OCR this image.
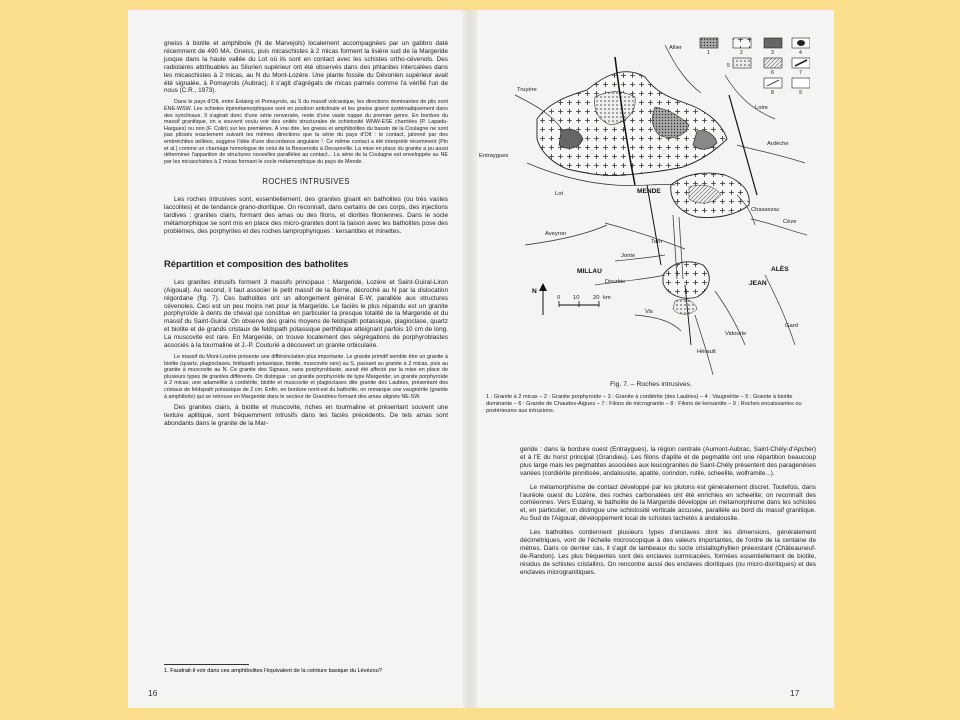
gneiss à biotite et amphibole (N de Marvejols) localement accompagnées par un gabbro daté récemment de 490 MA. Gneiss, puis micaschistes à 2 micas forment la lisière sud de la Margeride jusque dans la haute vallée du Lot où ils sont en contact avec les schistes ortho-cévenols. Des radiolaires attribuables au Silurien supérieur ont été observés dans des phtanites intercalées dans les micaschistes à 2 micas, au N du Mont-Lozère. Une plante fossile du Dévonien supérieur avait été signalée, à Pomayrols (Aubrac); il s'agit d'agrégats de micas palmés comme l'a vérifié l'un de nous (C.R., 1973).

Dans le pays d'Olt, entre Estaing et Pomayrols, au S du massif volcanique, les directions dominantes de plis sont ÉNE-WSW. Les schistes épimétamorphiques sont en position anticlinale et les gneiss gisent systématiquement dans des synclinaux. Il s'agirait donc d'une série renversée, reste d'une vaste nappe du premier genre. En bordure du massif granitique, on a souvent voulu voir des unités structurales de schistosité WNW-ESE charriées (P. Lapadu-Hargues) ou non (F. Colin) sur les premières. À vrai dire, les gneiss et amphibolites du bassin de la Coulagne ne sont pas plissés exactement suivant les mêmes directions que la série du pays d'Olt : le contact, jalonné par des embréchites œillées, suggère l'idée d'une discordance angulaire ¹. Ce même contact a été interprété récemment (Pin et al.) comme un charriage homologue de celui de la Bessenoits à Decazeville. La mise en place du granite a pu aussi déterminer l'apparition de structures nouvelles parallèles au contact... La série de la Coulagne est enveloppée au NE par les micaschistes à 2 micas formant le socle métamorphique du pays de Mende.

ROCHES INTRUSIVES

Les roches intrusives sont, essentiellement, des granites gisant en batholites (ou très vastes laccolites) et de tendance grano-dioritique. On reconnaît, dans certains de ces corps, des injections tardives : granites clairs, formant des amas ou des filons, et diorites filoniennes. Dans le socle métamorphique se sont mis en place des micro-granites dont la liaison avec les batholites pose des problèmes, des porphyrites et des roches lamprophyriques : kersantites et minettes.

Répartition et composition des batholites

Les granites intrusifs forment 3 massifs principaux : Margeride, Lozère et Saint-Guiral-Liron (Aigoual). Au second, il faut associer le petit massif de la Borne, décroché au N par la dislocation régordane (fig. 7). Ces batholites ont un allongement général E-W, parallèle aux structures cévenoles. Ceci est un peu moins net pour la Margeride. Le faciès le plus répandu est un granite porphyroïde à dents de cheval qui constitue en particulier la presque totalité de la Margeride et du massif du Saint-Guiral. On observe des grains moyens de feldspath potassique, plagioclase, quartz et biotite et de grands cristaux de feldspath potassique perthitique atteignant parfois 10 cm de long. La muscovite est rare. En Margeride, on trouve localement des ségrégations de porphyroblastes associés à la tourmaline et J.-P. Couturié a découvert un granite orbiculaire.

Le massif du Mont-Lozère présente une différenciation plus importante. Le granite primitif semble être un granite à biotite (quartz, plagioclases, feldspath potassique, biotite, muscovite rare) au S, passant au granite à 2 micas, puis au granite à muscovite au N. Ce granite des Signaux, sans porphyroblaste, aurait été affecté par la mise en place de plusieurs types de granites différents. On distingue : un granite porphyroïde de type Margeride; un granite porphyroïde à 2 micas; une adamellite à cordiérite, biotite et muscovite et plagioclases dite granite des Laubies, présentant des cristaux de feldspath potassique de 2 cm. Enfin, en bordure nord-est du batholite, on remarque une vaugnérite (granite à amphibole) qui se retrouve en Margeride dans le secteur de Grandrieu formant des amas alignés NE-SW.

Des granites clairs, à biotite et muscovite, riches en tourmaline et présentant souvent une texture aplitique, sont fréquemment intrusifs dans les faciès précédents. De tels amas sont abondants dans le granite de la Mar-

1. Faudrait-il voir dans ces amphibolites l'équivalent de la ceinture basique du Lévézou?

16

Fig. 7. – Roches intrusives.

1 : Granite à 2 micas – 2 : Granite porphyroïde – 3 : Granite à cordiérite (des Laubies) – 4 : Vaugnérite – 5 : Granite à biotite dominante – 6 : Granite de Chaudes-Aigues – 7 : Filons de microgranite – 8 : Filons de kersantite – 9 : Roches encaissantes ou postérieures aux intrusions.

geride : dans la bordure ouest (Entraygues), la région centrale (Aumont-Aubrac, Saint-Chély-d'Apcher) et à l'E du horst principal (Grandieu). Les filons d'aplite et de pegmatite ont une répartition beaucoup plus large mais les pegmatites associées aux leucogranites de Saint-Chély présentent des paragenèses variées (cordiérite pinnitisée, andalousite, apatite, corindon, rutile, scheelite, wolframite...).

Le métamorphisme de contact développé par les plutons est généralement discret. Toutefois, dans l'auréole ouest du Lozère, des roches carbonatées ont été enrichies en scheelite; on reconnaît des cornéennes. Vers Estaing, le batholite de la Margeride développe un métamorphisme dans les schistes et, en particulier, on distingue une schistosité verticale accusée, parallèle au bord du massif granitique. Au Sud de l'Aigoual, développement local de schistes tachetés à andalousite.

Les batholites contiennent plusieurs types d'enclaves dont les dimensions, généralement décimétriques, vont de l'échelle microscopique à des valeurs importantes, de l'ordre de la centaine de mètres. Dans ce dernier cas, il s'agit de lambeaux du socle cristallophyllien préexistant (Châteauneuf-de-Randon). Les plus fréquentes sont des enclaves surmicacées, formées essentiellement de biotite, résidus de schistes cristallins. On rencontre aussi des enclaves dioritiques (ou micro-dioritiques) et des enclaves microgranitiques.

17
1	2	3	4
5
6	7
8	9
Entraygues
MENDE
MILLAU	ALÈS
JEAN
Lot
Truyère
Allier
Loire
Ardèche
Cèze
Tarn
Aveyron
Dourbie
Jonte
Vis
Hérault
Gard
Vidourle
Chassezac
N
0 10 20 km
